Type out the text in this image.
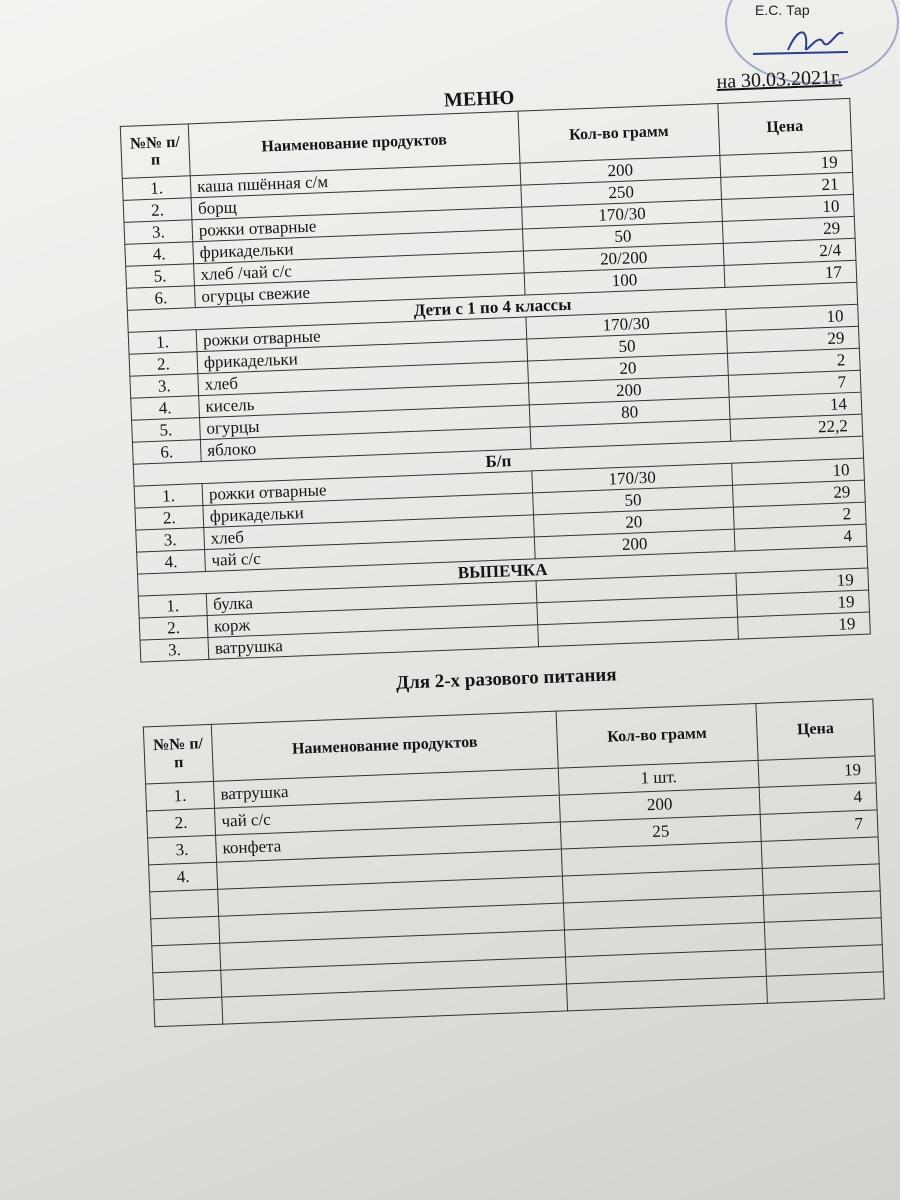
Е.С. Тар
МЕНЮ
на 30.03.2021г.
№№ п/п	Наименование продуктов	Кол-во грамм	Цена
1.	каша пшённая с/м	200	19
2.	борщ	250	21
3.	рожки отварные	170/30	10
4.	фрикадельки	50	29
5.	хлеб /чай с/с	20/200	2/4
6.	огурцы свежие	100	17
Дети с 1 по 4 классы			
1.	рожки отварные	170/30	10
2.	фрикадельки	50	29
3.	хлеб	20	2
4.	кисель	200	7
5.	огурцы	80	14
6.	яблоко		22,2
Б/п			
1.	рожки отварные	170/30	10
2.	фрикадельки	50	29
3.	хлеб	20	2
4.	чай с/с	200	4
ВЫПЕЧКА			
1.	булка		19
2.	корж		19
3.	ватрушка		19
Для 2-х разового питания
№№ п/п	Наименование продуктов	Кол-во грамм	Цена
1.	ватрушка	1 шт.	19
2.	чай с/с	200	4
3.	конфета	25	7
4.			
